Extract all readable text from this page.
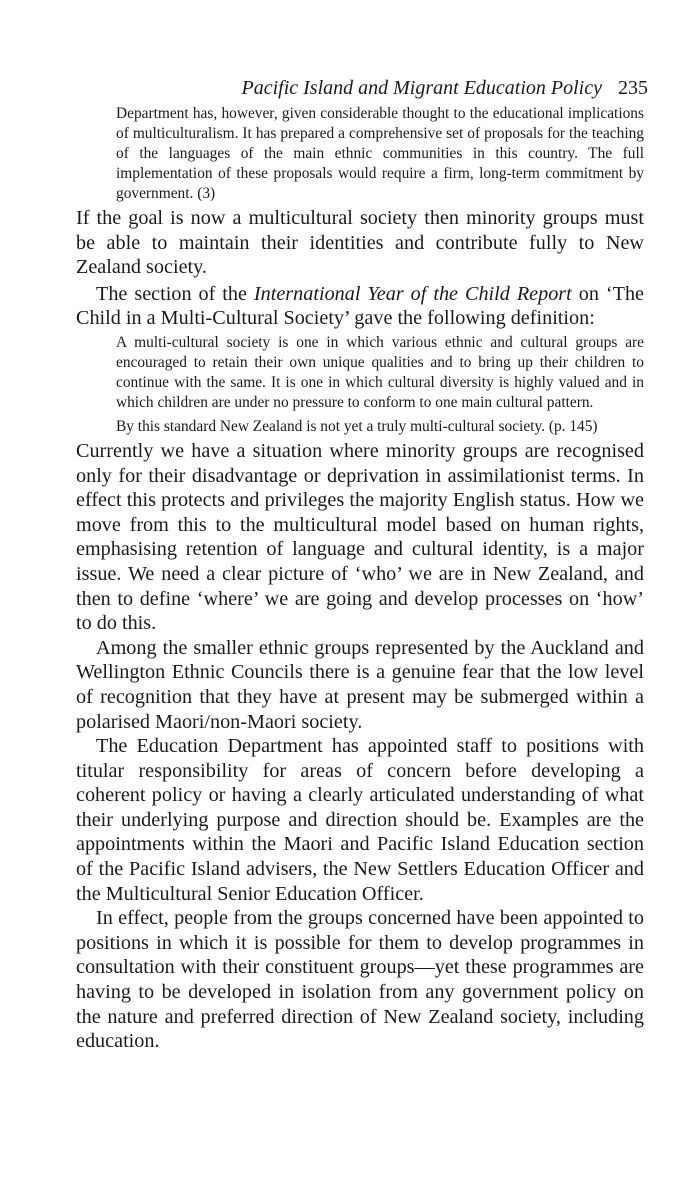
Pacific Island and Migrant Education Policy 235

Department has, however, given considerable thought to the educational implications of multiculturalism. It has prepared a comprehensive set of proposals for the teaching of the languages of the main ethnic communities in this country. The full implementation of these proposals would require a firm, long-term commitment by government. (3)

If the goal is now a multicultural society then minority groups must be able to maintain their identities and contribute fully to New Zealand society.

The section of the International Year of the Child Report on ‘The Child in a Multi-Cultural Society’ gave the following definition:

A multi-cultural society is one in which various ethnic and cultural groups are encouraged to retain their own unique qualities and to bring up their children to continue with the same. It is one in which cultural diversity is highly valued and in which children are under no pressure to conform to one main cultural pattern.

By this standard New Zealand is not yet a truly multi-cultural society. (p. 145)

Currently we have a situation where minority groups are recognised only for their disadvantage or deprivation in assimilationist terms. In effect this protects and privileges the majority English status. How we move from this to the multicultural model based on human rights, emphasising retention of language and cultural identity, is a major issue. We need a clear picture of ‘who’ we are in New Zealand, and then to define ‘where’ we are going and develop processes on ‘how’ to do this.

Among the smaller ethnic groups represented by the Auckland and Wellington Ethnic Councils there is a genuine fear that the low level of recognition that they have at present may be submerged within a polarised Maori/non-Maori society.

The Education Department has appointed staff to positions with titular responsibility for areas of concern before developing a coherent policy or having a clearly articulated understanding of what their underlying purpose and direction should be. Examples are the appointments within the Maori and Pacific Island Education section of the Pacific Island advisers, the New Settlers Education Officer and the Multicultural Senior Education Officer.

In effect, people from the groups concerned have been appointed to positions in which it is possible for them to develop programmes in consultation with their constituent groups—yet these programmes are having to be developed in isolation from any government policy on the nature and preferred direction of New Zealand society, including education.
